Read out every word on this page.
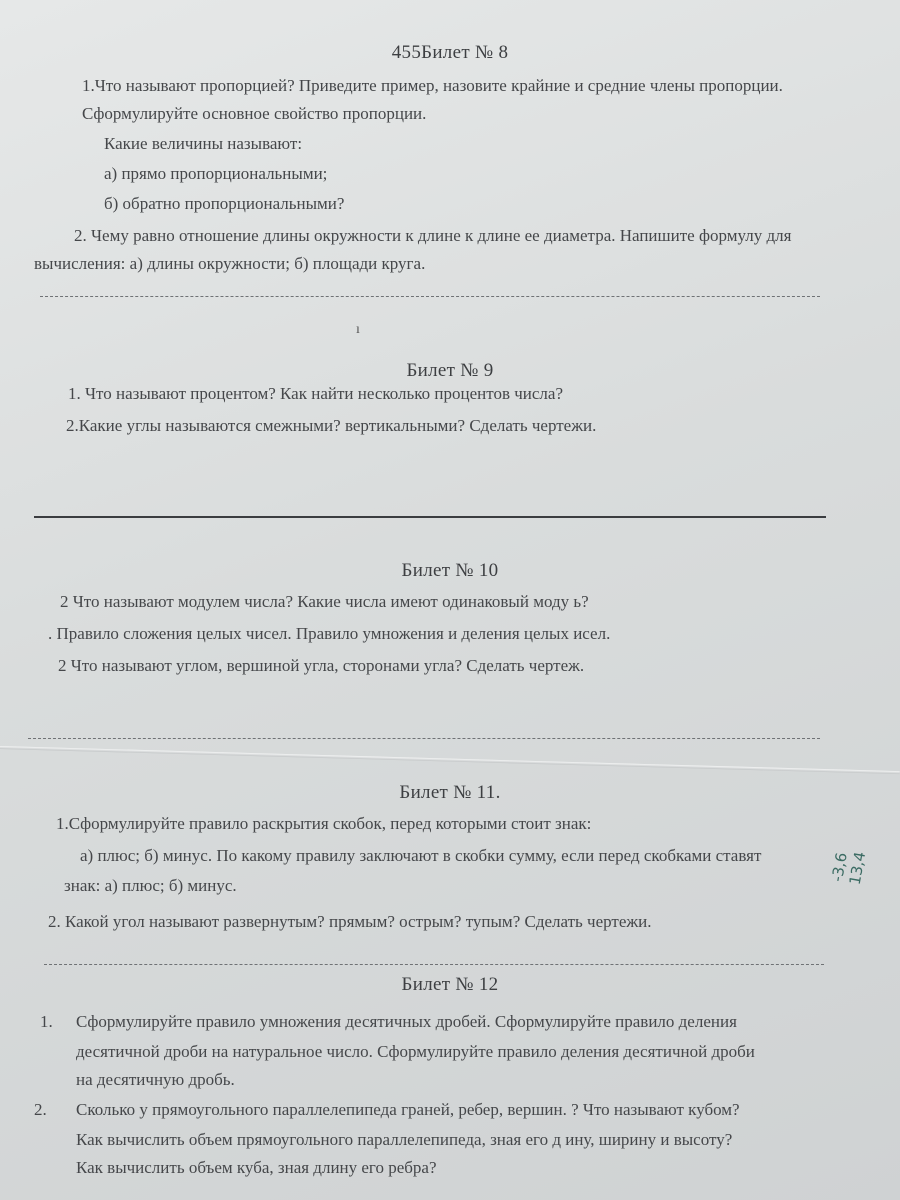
455Билет № 8
1.Что называют пропорцией? Приведите пример, назовите крайние и средние члены пропорции.
Сформулируйте основное свойство пропорции.
Какие величины называют:
а) прямо пропорциональными;
б) обратно пропорциональными?
2. Чему равно отношение длины окружности к длине к длине ее диаметра. Напишите формулу для
вычисления: а) длины окружности; б) площади круга.
ı
Билет № 9
1. Что называют процентом? Как найти несколько процентов числа?
2.Какие углы называются смежными? вертикальными? Сделать чертежи.
Билет № 10
2 Что называют модулем числа? Какие числа имеют одинаковый моду ь?
. Правило сложения целых чисел. Правило умножения и деления целых исел.
2 Что называют углом, вершиной угла, сторонами угла? Сделать чертеж.
Билет № 11.
1.Сформулируйте правило раскрытия скобок, перед которыми стоит знак:
а) плюс; б) минус. По какому правилу заключают в скобки сумму, если перед скобками ставят
знак: а) плюс; б) минус.
2. Какой угол называют развернутым? прямым? острым? тупым? Сделать чертежи.
-3,6
13,4
Билет № 12
1. Сформулируйте правило умножения десятичных дробей. Сформулируйте правило деления
десятичной дроби на натуральное число. Сформулируйте правило деления десятичной дроби
на десятичную дробь.
2. Сколько у прямоугольного параллелепипеда граней, ребер, вершин. ? Что называют кубом?
Как вычислить объем прямоугольного параллелепипеда, зная его д ину, ширину и высоту?
Как вычислить объем куба, зная длину его ребра?
